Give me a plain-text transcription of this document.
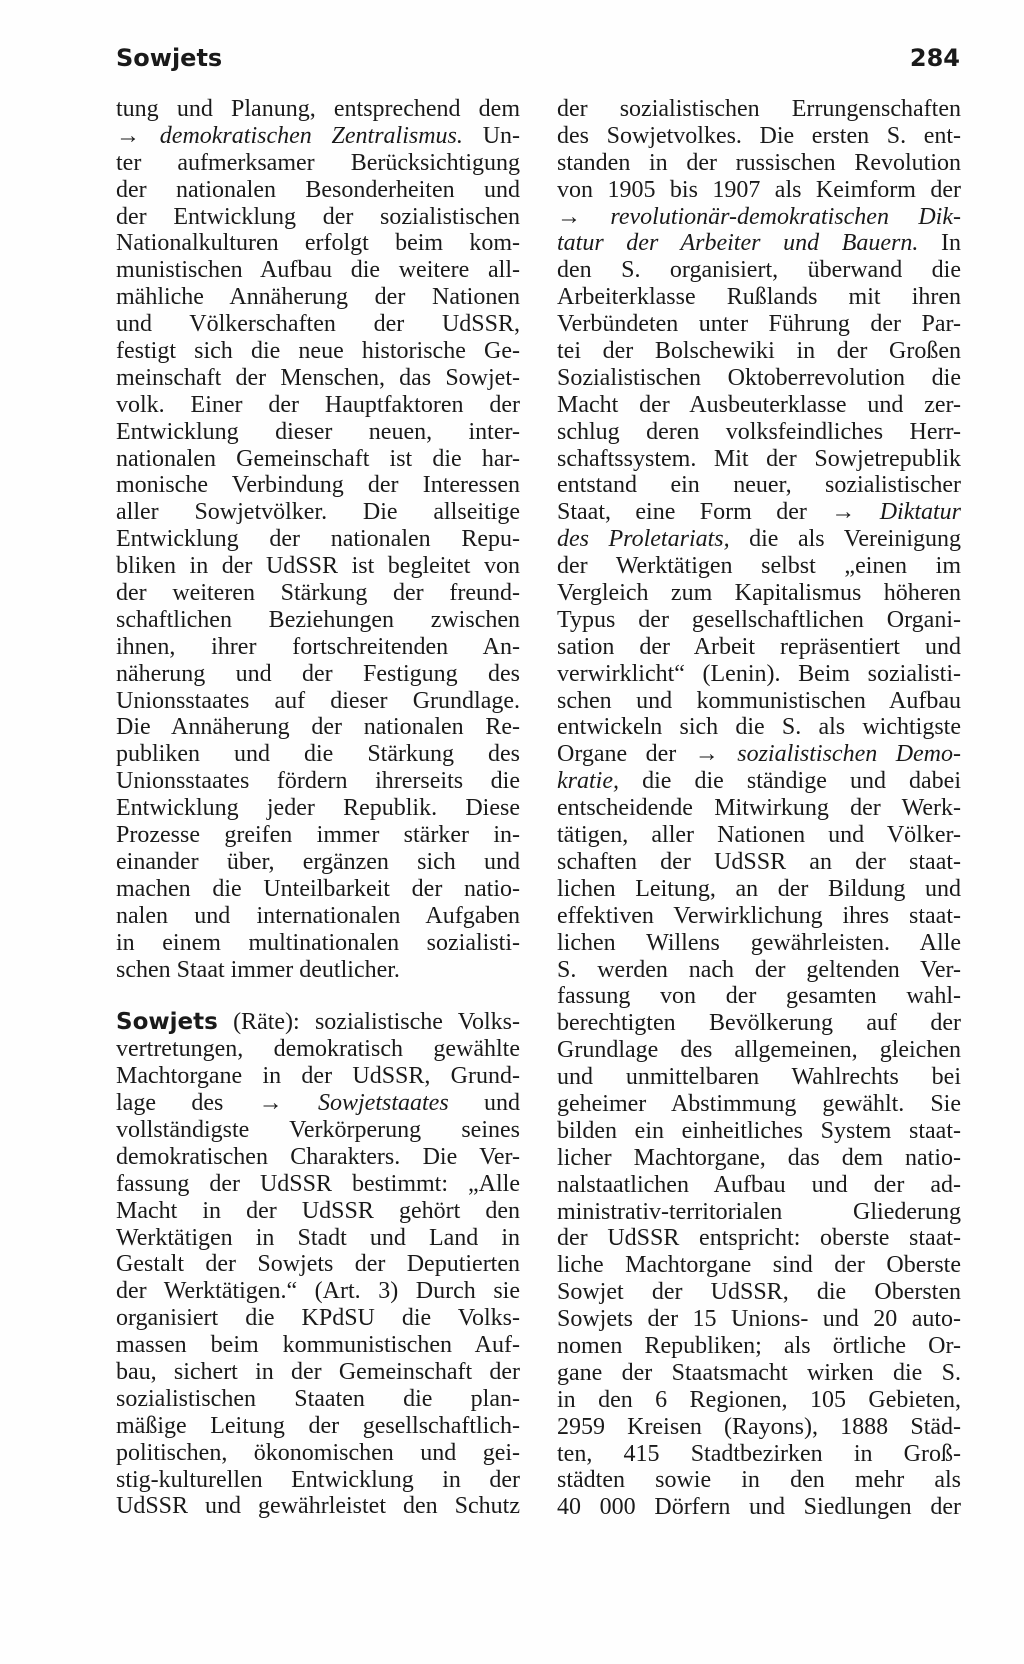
Sowjets	284
tung und Planung, entsprechend dem
→ demokratischen Zentralismus. Un-
ter aufmerksamer Berücksichtigung
der nationalen Besonderheiten und
der Entwicklung der sozialistischen
Nationalkulturen erfolgt beim kom-
munistischen Aufbau die weitere all-
mähliche Annäherung der Nationen
und Völkerschaften der UdSSR,
festigt sich die neue historische Ge-
meinschaft der Menschen, das Sowjet-
volk. Einer der Hauptfaktoren der
Entwicklung dieser neuen, inter-
nationalen Gemeinschaft ist die har-
monische Verbindung der Interessen
aller Sowjetvölker. Die allseitige
Entwicklung der nationalen Repu-
bliken in der UdSSR ist begleitet von
der weiteren Stärkung der freund-
schaftlichen Beziehungen zwischen
ihnen, ihrer fortschreitenden An-
näherung und der Festigung des
Unionsstaates auf dieser Grundlage.
Die Annäherung der nationalen Re-
publiken und die Stärkung des
Unionsstaates fördern ihrerseits die
Entwicklung jeder Republik. Diese
Prozesse greifen immer stärker in-
einander über, ergänzen sich und
machen die Unteilbarkeit der natio-
nalen und internationalen Aufgaben
in einem multinationalen sozialisti-
schen Staat immer deutlicher.
Sowjets (Räte): sozialistische Volks-
vertretungen, demokratisch gewählte
Machtorgane in der UdSSR, Grund-
lage des → Sowjetstaates und
vollständigste Verkörperung seines
demokratischen Charakters. Die Ver-
fassung der UdSSR bestimmt: „Alle
Macht in der UdSSR gehört den
Werktätigen in Stadt und Land in
Gestalt der Sowjets der Deputierten
der Werktätigen.“ (Art. 3) Durch sie
organisiert die KPdSU die Volks-
massen beim kommunistischen Auf-
bau, sichert in der Gemeinschaft der
sozialistischen Staaten die plan-
mäßige Leitung der gesellschaftlich-
politischen, ökonomischen und gei-
stig-kulturellen Entwicklung in der
UdSSR und gewährleistet den Schutz
der sozialistischen Errungenschaften
des Sowjetvolkes. Die ersten S. ent-
standen in der russischen Revolution
von 1905 bis 1907 als Keimform der
→ revolutionär-demokratischen Dik-
tatur der Arbeiter und Bauern. In
den S. organisiert, überwand die
Arbeiterklasse Rußlands mit ihren
Verbündeten unter Führung der Par-
tei der Bolschewiki in der Großen
Sozialistischen Oktoberrevolution die
Macht der Ausbeuterklasse und zer-
schlug deren volksfeindliches Herr-
schaftssystem. Mit der Sowjetrepublik
entstand ein neuer, sozialistischer
Staat, eine Form der → Diktatur
des Proletariats, die als Vereinigung
der Werktätigen selbst „einen im
Vergleich zum Kapitalismus höheren
Typus der gesellschaftlichen Organi-
sation der Arbeit repräsentiert und
verwirklicht“ (Lenin). Beim sozialisti-
schen und kommunistischen Aufbau
entwickeln sich die S. als wichtigste
Organe der → sozialistischen Demo-
kratie, die die ständige und dabei
entscheidende Mitwirkung der Werk-
tätigen, aller Nationen und Völker-
schaften der UdSSR an der staat-
lichen Leitung, an der Bildung und
effektiven Verwirklichung ihres staat-
lichen Willens gewährleisten. Alle
S. werden nach der geltenden Ver-
fassung von der gesamten wahl-
berechtigten Bevölkerung auf der
Grundlage des allgemeinen, gleichen
und unmittelbaren Wahlrechts bei
geheimer Abstimmung gewählt. Sie
bilden ein einheitliches System staat-
licher Machtorgane, das dem natio-
nalstaatlichen Aufbau und der ad-
ministrativ-territorialen Gliederung
der UdSSR entspricht: oberste staat-
liche Machtorgane sind der Oberste
Sowjet der UdSSR, die Obersten
Sowjets der 15 Unions- und 20 auto-
nomen Republiken; als örtliche Or-
gane der Staatsmacht wirken die S.
in den 6 Regionen, 105 Gebieten,
2959 Kreisen (Rayons), 1888 Städ-
ten, 415 Stadtbezirken in Groß-
städten sowie in den mehr als
40 000 Dörfern und Siedlungen der
